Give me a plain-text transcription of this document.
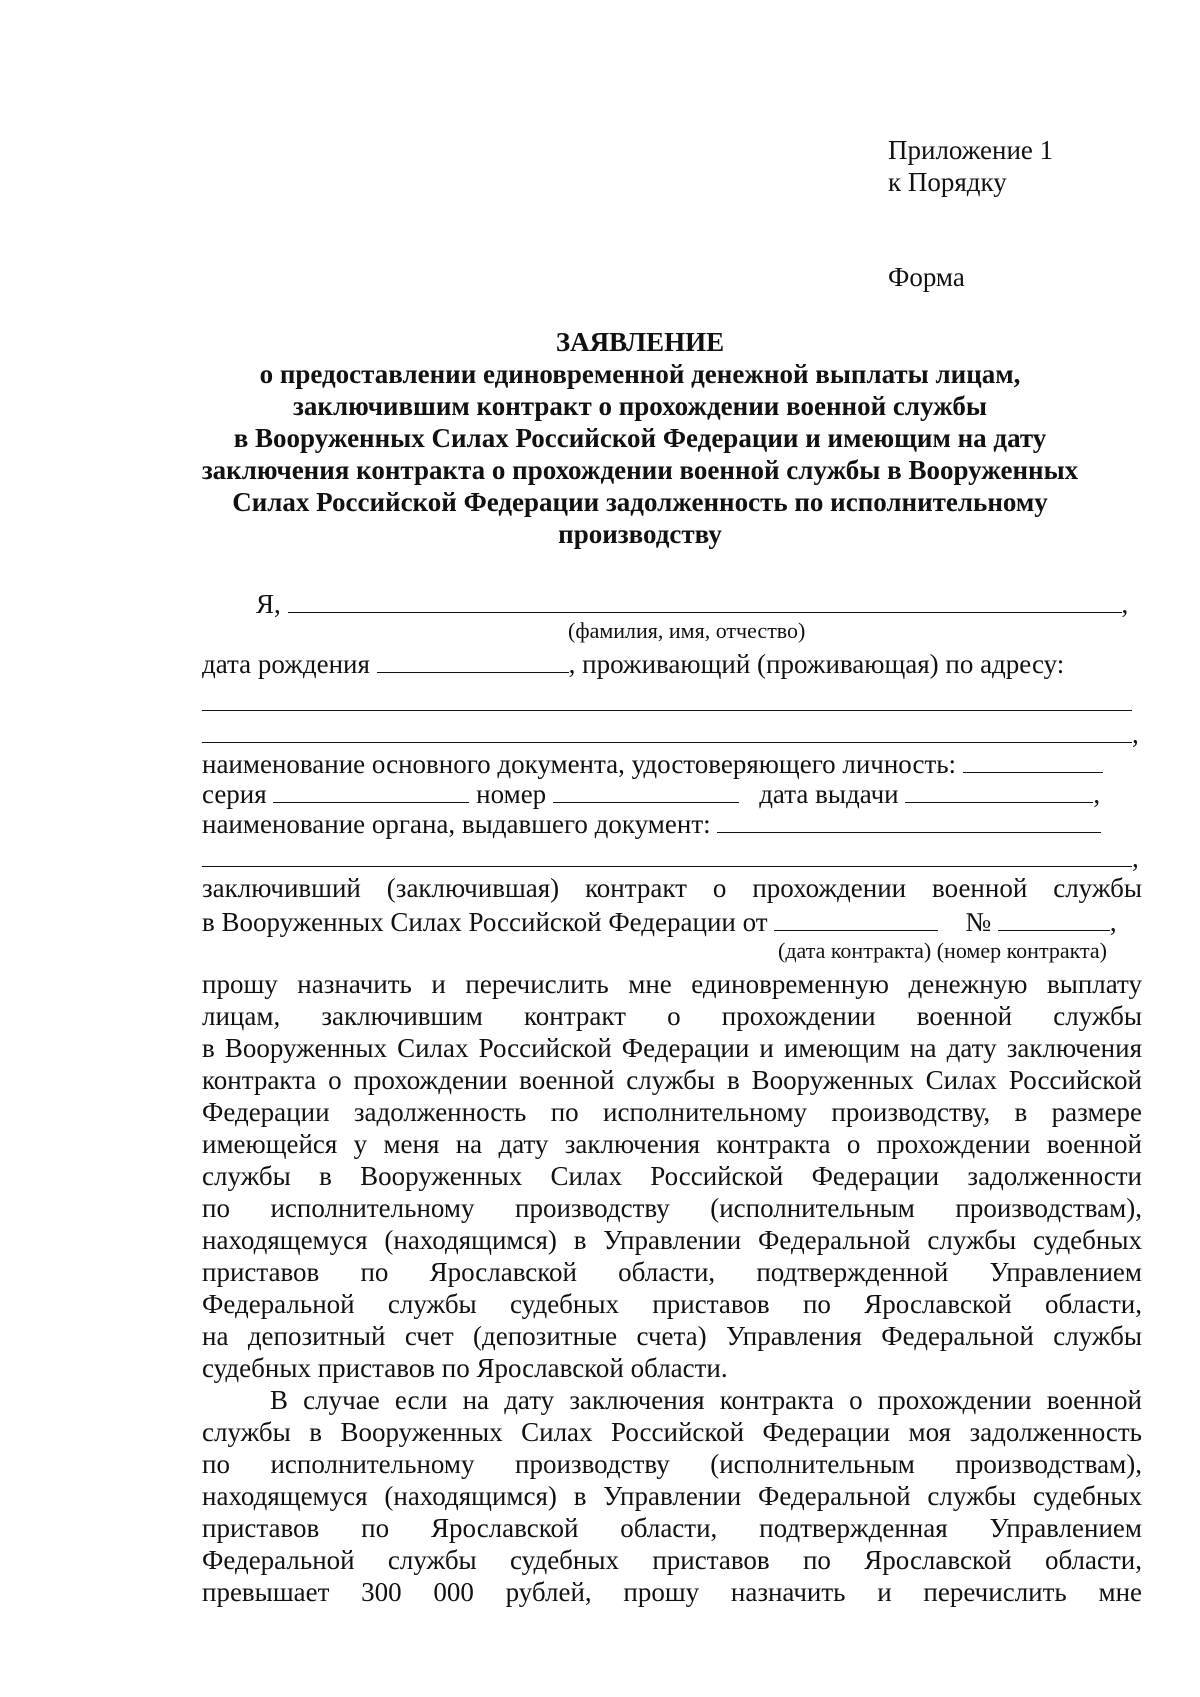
Приложение 1
к Порядку
Форма
ЗАЯВЛЕНИЕ
о предоставлении единовременной денежной выплаты лицам,
заключившим контракт о прохождении военной службы
в Вооруженных Силах Российской Федерации и имеющим на дату
заключения контракта о прохождении военной службы в Вооруженных
Силах Российской Федерации задолженность по исполнительному
производству
Я,	,
(фамилия, имя, отчество)
дата рождения	, проживающий (проживающая) по адресу:
,
наименование основного документа, удостоверяющего личность:
серия	номер	дата выдачи	,
наименование органа, выдавшего документ:
,
заключивший (заключившая) контракт о прохождении военной службы
в Вооруженных Силах Российской Федерации от	№	,
(дата контракта) (номер контракта)
прошу назначить и перечислить мне единовременную денежную выплату
лицам, заключившим контракт о прохождении военной службы
в Вооруженных Силах Российской Федерации и имеющим на дату заключения
контракта о прохождении военной службы в Вооруженных Силах Российской
Федерации задолженность по исполнительному производству, в размере
имеющейся у меня на дату заключения контракта о прохождении военной
службы в Вооруженных Силах Российской Федерации задолженности
по исполнительному производству (исполнительным производствам),
находящемуся (находящимся) в Управлении Федеральной службы судебных
приставов по Ярославской области, подтвержденной Управлением
Федеральной службы судебных приставов по Ярославской области,
на депозитный счет (депозитные счета) Управления Федеральной службы
судебных приставов по Ярославской области.
В случае если на дату заключения контракта о прохождении военной
службы в Вооруженных Силах Российской Федерации моя задолженность
по исполнительному производству (исполнительным производствам),
находящемуся (находящимся) в Управлении Федеральной службы судебных
приставов по Ярославской области, подтвержденная Управлением
Федеральной службы судебных приставов по Ярославской области,
превышает 300 000 рублей, прошу назначить и перечислить мне
